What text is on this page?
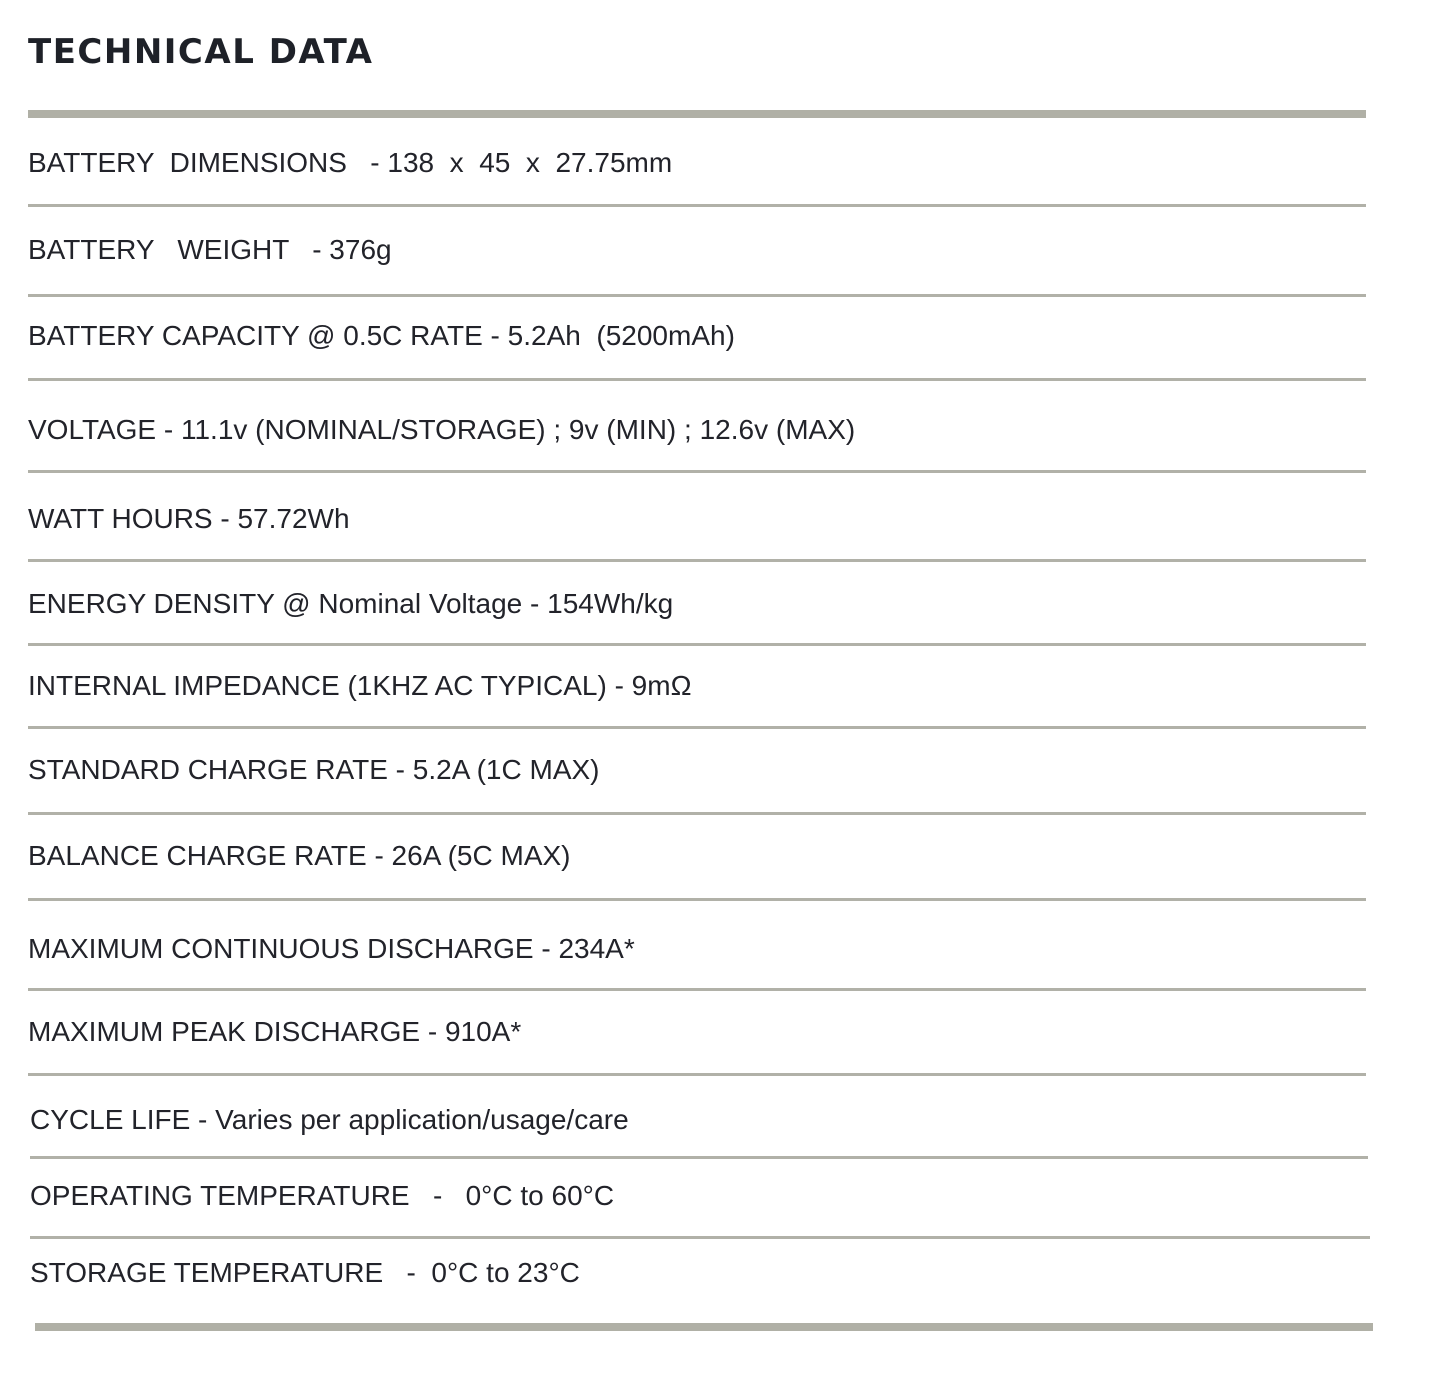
TECHNICAL DATA
BATTERY  DIMENSIONS   - 138  x  45  x  27.75mm
BATTERY   WEIGHT   - 376g
BATTERY CAPACITY @ 0.5C RATE - 5.2Ah  (5200mAh)
VOLTAGE - 11.1v (NOMINAL/STORAGE) ; 9v (MIN) ; 12.6v (MAX)
WATT HOURS - 57.72Wh
ENERGY DENSITY @ Nominal Voltage - 154Wh/kg
INTERNAL IMPEDANCE (1KHZ AC TYPICAL) - 9mΩ
STANDARD CHARGE RATE - 5.2A (1C MAX)
BALANCE CHARGE RATE - 26A (5C MAX)
MAXIMUM CONTINUOUS DISCHARGE - 234A*
MAXIMUM PEAK DISCHARGE - 910A*
CYCLE LIFE - Varies per application/usage/care
OPERATING TEMPERATURE   -   0°C to 60°C
STORAGE TEMPERATURE   -  0°C to 23°C
